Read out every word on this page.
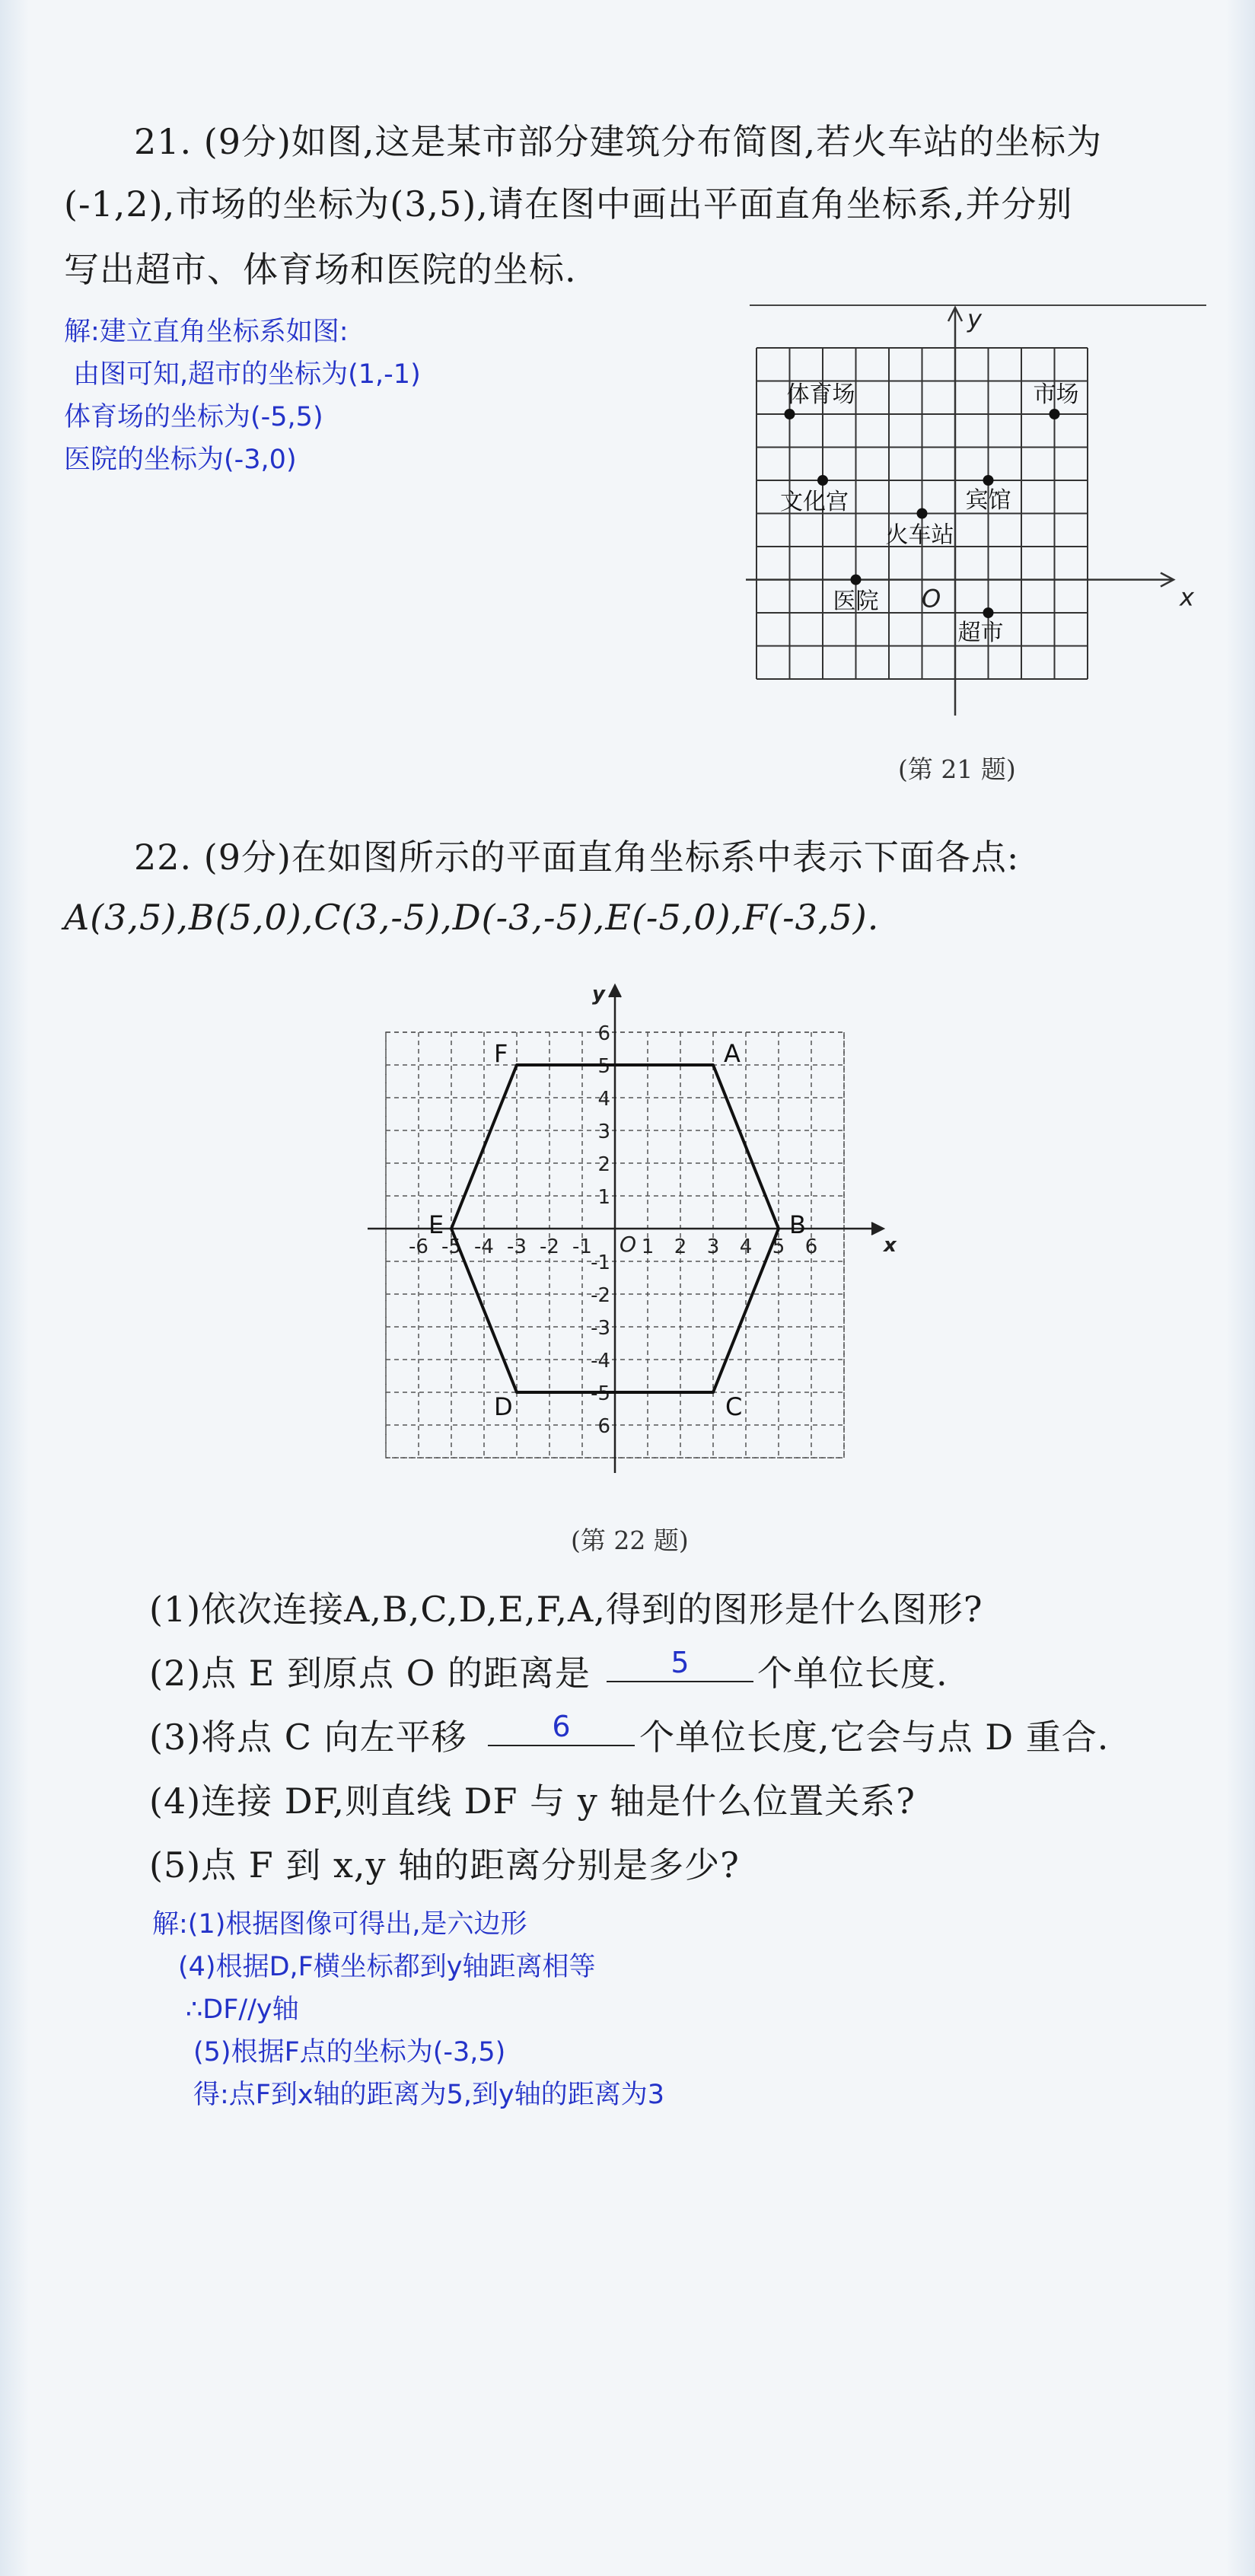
21. (9分)如图,这是某市部分建筑分布简图,若火车站的坐标为
(-1,2),市场的坐标为(3,5),请在图中画出平面直角坐标系,并分别
写出超市、体育场和医院的坐标.
解:建立直角坐标系如图:
由图可知,超市的坐标为(1,-1)
体育场的坐标为(-5,5)
医院的坐标为(-3,0)
x
y
O
体育场	市场
宾馆
文化宫
火车站
医院
超市
(第 21 题)
22. (9分)在如图所示的平面直角坐标系中表示下面各点:
A(3,5),B(5,0),C(3,-5),D(-3,-5),E(-5,0),F(-3,5).
x
y
O
-6 -5 -4 -3 -2 -1 1 2 3 4 5 6
6
5
4
3
2
1
-1
-2
-3
-4
-5
6
A
B
C
D
E
F
(第 22 题)
(1)依次连接A,B,C,D,E,F,A,得到的图形是什么图形?
(2)点 E 到原点 O 的距离是	5	个单位长度.
(3)将点 C 向左平移	6	个单位长度,它会与点 D 重合.
(4)连接 DF,则直线 DF 与 y 轴是什么位置关系?
(5)点 F 到 x,y 轴的距离分别是多少?
解:(1)根据图像可得出,是六边形
(4)根据D,F横坐标都到y轴距离相等
∴DF//y轴
(5)根据F点的坐标为(-3,5)
得:点F到x轴的距离为5,到y轴的距离为3
